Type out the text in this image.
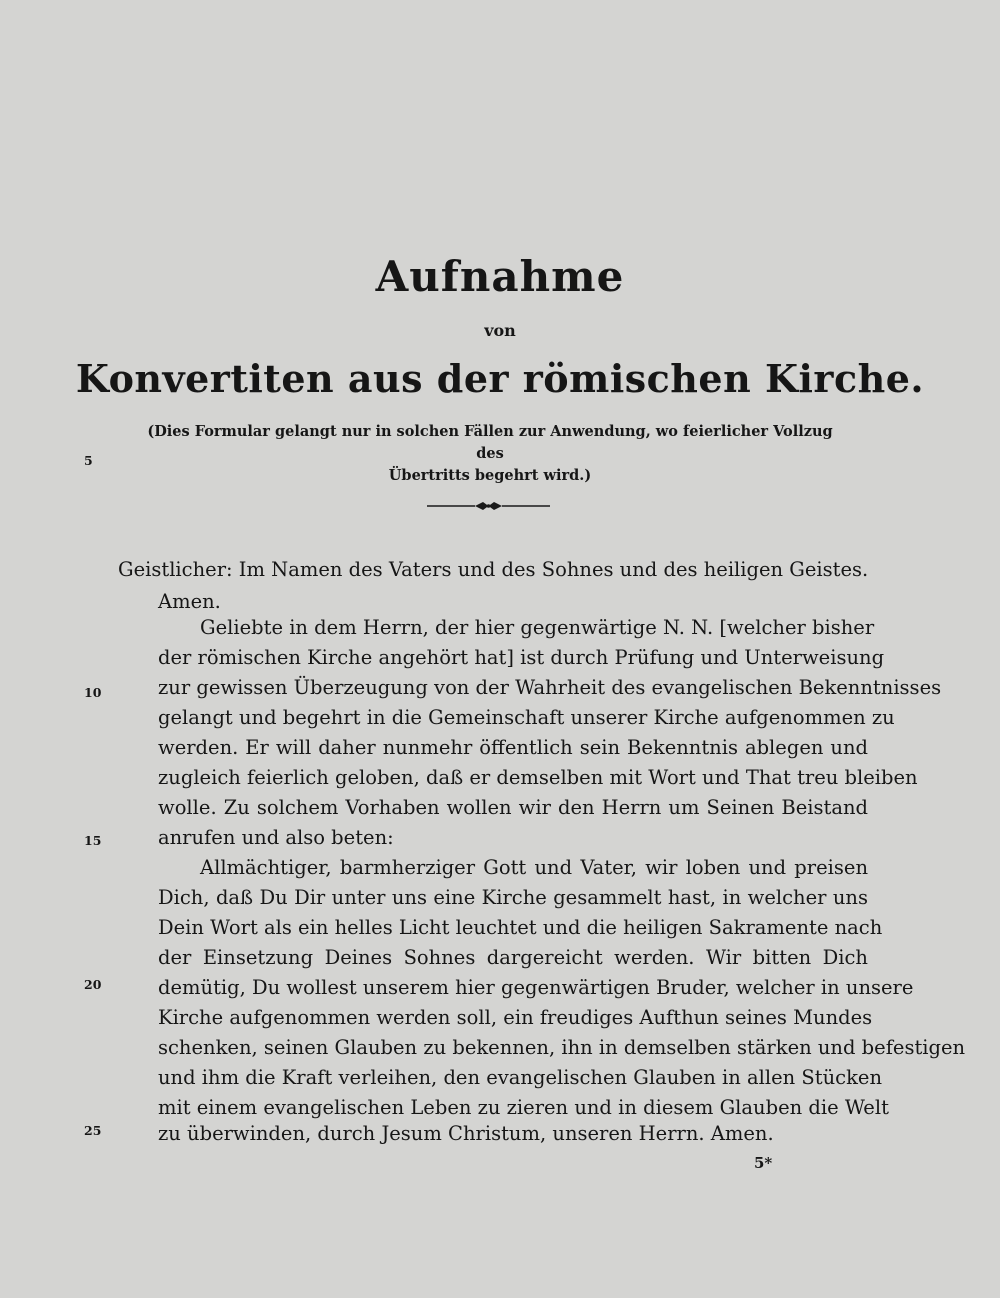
Aufnahme
von
Konvertiten aus der römischen Kirche.
(Dies Formular gelangt nur in solchen Fällen zur Anwendung, wo feierlicher Vollzug des
Übertritts begehrt wird.)
5
10
15
20
25
Geistlicher: Im Namen des Vaters und des Sohnes und des heiligen Geistes.
Amen.
Geliebte in dem Herrn, der hier gegenwärtige N. N. [welcher bisher
der römischen Kirche angehört hat] ist durch Prüfung und Unterweisung
zur gewissen Überzeugung von der Wahrheit des evangelischen Bekenntnisses
gelangt und begehrt in die Gemeinschaft unserer Kirche aufgenommen zu
werden. Er will daher nunmehr öffentlich sein Bekenntnis ablegen und
zugleich feierlich geloben, daß er demselben mit Wort und That treu bleiben
wolle. Zu solchem Vorhaben wollen wir den Herrn um Seinen Beistand
anrufen und also beten:
Allmächtiger, barmherziger Gott und Vater, wir loben und preisen
Dich, daß Du Dir unter uns eine Kirche gesammelt hast, in welcher uns
Dein Wort als ein helles Licht leuchtet und die heiligen Sakramente nach
der Einsetzung Deines Sohnes dargereicht werden. Wir bitten Dich
demütig, Du wollest unserem hier gegenwärtigen Bruder, welcher in unsere
Kirche aufgenommen werden soll, ein freudiges Aufthun seines Mundes
schenken, seinen Glauben zu bekennen, ihn in demselben stärken und befestigen
und ihm die Kraft verleihen, den evangelischen Glauben in allen Stücken
mit einem evangelischen Leben zu zieren und in diesem Glauben die Welt
zu überwinden, durch Jesum Christum, unseren Herrn. Amen.
5*
